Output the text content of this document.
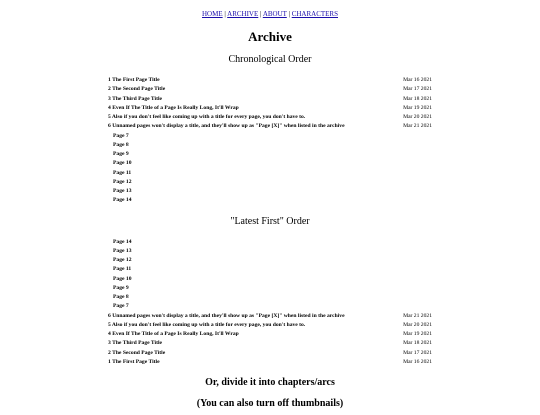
HOME | ARCHIVE | ABOUT | CHARACTERS
Archive
Chronological Order
1 The First Page Title	Mar 16 2021
2 The Second Page Title	Mar 17 2021
3 The Third Page Title	Mar 18 2021
4 Even If The Title of a Page Is Really Long, It'll Wrap	Mar 19 2021
5 Also if you don't feel like coming up with a title for every page, you don't have to.	Mar 20 2021
6 Unnamed pages won't display a title, and they'll show up as "Page [X]" when listed in the archive	Mar 21 2021
Page 7
Page 8
Page 9
Page 10
Page 11
Page 12
Page 13
Page 14
"Latest First" Order
Page 14
Page 13
Page 12
Page 11
Page 10
Page 9
Page 8
Page 7
6 Unnamed pages won't display a title, and they'll show up as "Page [X]" when listed in the archive	Mar 21 2021
5 Also if you don't feel like coming up with a title for every page, you don't have to.	Mar 20 2021
4 Even If The Title of a Page Is Really Long, It'll Wrap	Mar 19 2021
3 The Third Page Title	Mar 18 2021
2 The Second Page Title	Mar 17 2021
1 The First Page Title	Mar 16 2021
Or, divide it into chapters/arcs
(You can also turn off thumbnails)
